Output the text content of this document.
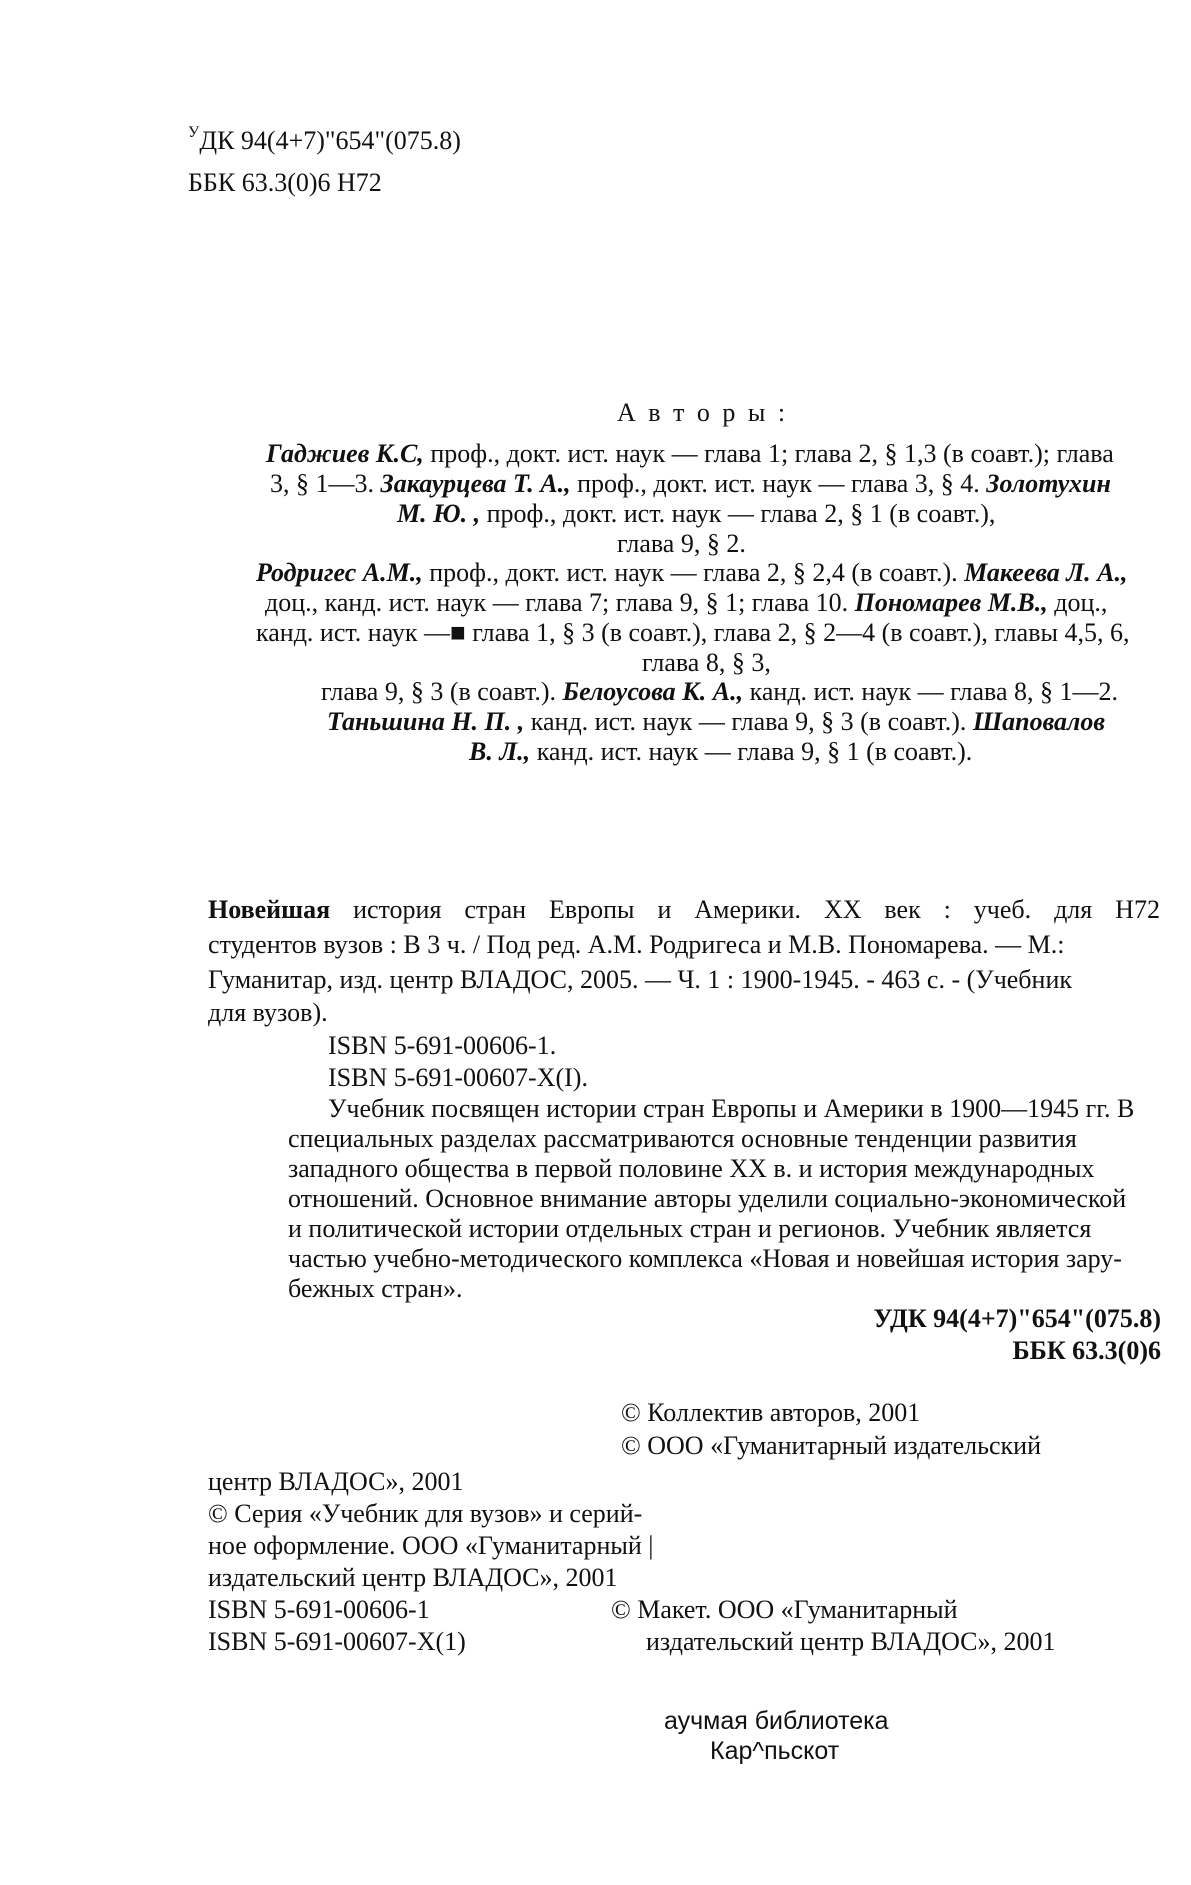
$^У$ДК 94(4+7)"654"(075.8)
ББК 63.3(0)6 Н72
А в т о р ы :
Гаджиев К.С, проф., докт. ист. наук — глава 1; глава 2, § 1,3 (в соавт.); глава
3, § 1—3. Закаурцева Т. А., проф., докт. ист. наук — глава 3, § 4. Золотухин
М. Ю. , проф., докт. ист. наук — глава 2, § 1 (в соавт.),
глава 9, § 2.
Родригес А.М., проф., докт. ист. наук — глава 2, § 2,4 (в соавт.). Макеева Л. А.,
доц., канд. ист. наук — глава 7; глава 9, § 1; глава 10. Пономарев М.В., доц.,
канд. ист. наук —■ глава 1, § 3 (в соавт.), глава 2, § 2—4 (в соавт.), главы 4,5, 6,
глава 8, § 3,
глава 9, § 3 (в соавт.). Белоусова К. А., канд. ист. наук — глава 8, § 1—2.
Таньшина Н. П. , канд. ист. наук — глава 9, § 3 (в соавт.). Шаповалов
В. Л., канд. ист. наук — глава 9, § 1 (в соавт.).
Новейшая история стран Европы и Америки. XX век : учеб. для Н72
студентов вузов : В 3 ч. / Под ред. А.М. Родригеса и М.В. Пономарева. — М.:
Гуманитар, изд. центр ВЛАДОС, 2005. — Ч. 1 : 1900-1945. - 463 с. - (Учебник
для вузов).
ISBN 5-691-00606-1.
ISBN 5-691-00607-Х(І).
Учебник посвящен истории стран Европы и Америки в 1900—1945 гг. В
специальных разделах рассматриваются основные тенденции развития
западного общества в первой половине XX в. и история международных
отношений. Основное внимание авторы уделили социально-экономической
и политической истории отдельных стран и регионов. Учебник является
частью учебно-методического комплекса «Новая и новейшая история зару-
бежных стран».
УДК 94(4+7)"654"(075.8)
ББК 63.3(0)6
© Коллектив авторов, 2001
© ООО «Гуманитарный издательский
центр ВЛАДОС», 2001
© Серия «Учебник для вузов» и серий-
ное оформление. ООО «Гуманитарный |
издательский центр ВЛАДОС», 2001
ISBN 5-691-00606-1
ISBN 5-691-00607-Х(1)
© Макет. ООО «Гуманитарный
издательский центр ВЛАДОС», 2001
аучмая библиотека
Кар^пьскот
